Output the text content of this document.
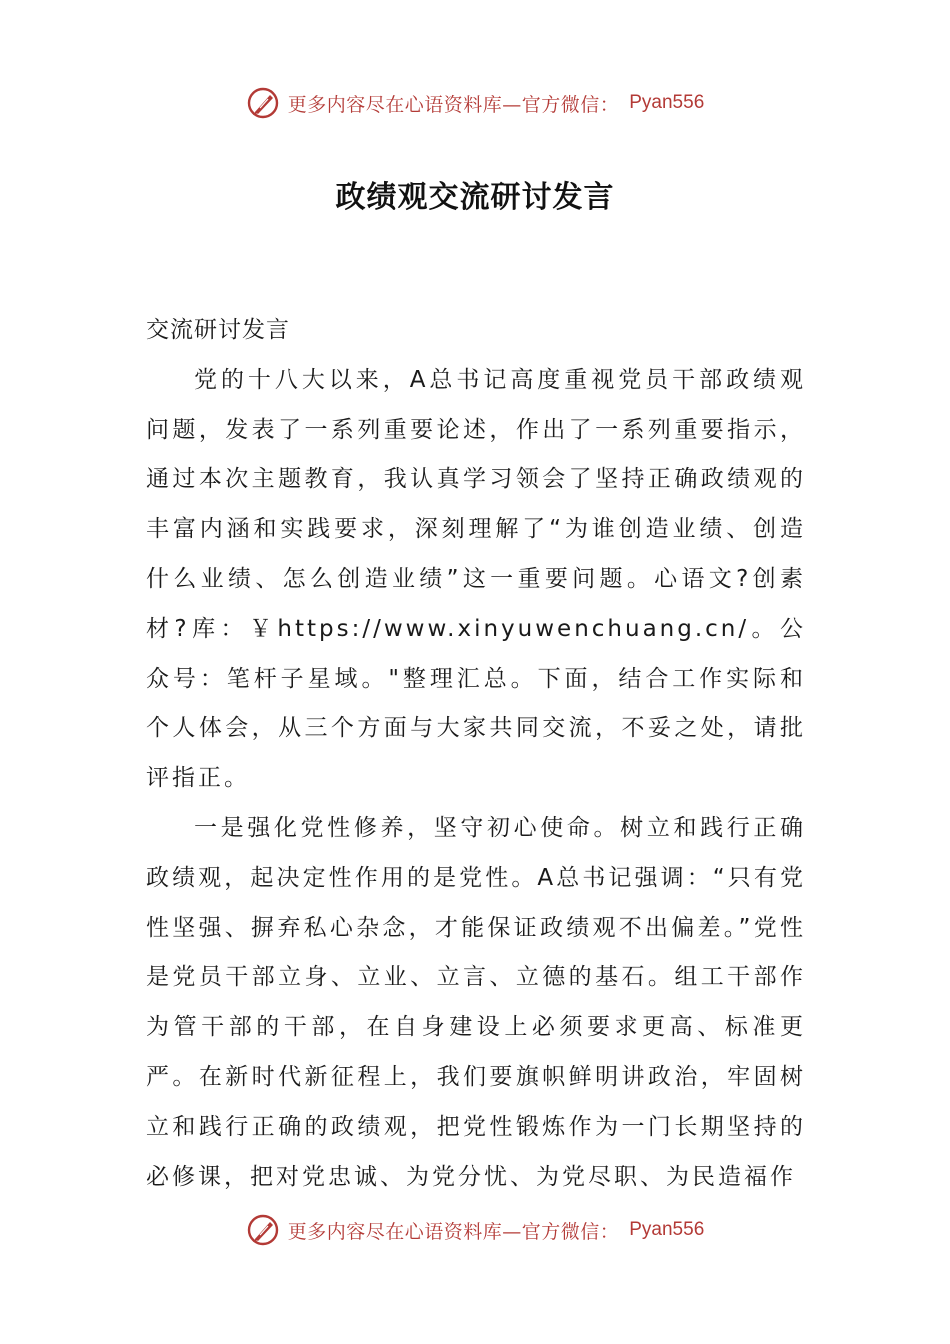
更多内容尽在心语资料库—官方微信： Pyan556
政绩观交流研讨发言

交流研讨发言

党的十八大以来，A总书记高度重视党员干部政绩观问题，发表了一系列重要论述，作出了一系列重要指示，通过本次主题教育，我认真学习领会了坚持正确政绩观的丰富内涵和实践要求，深刻理解了“为谁创造业绩、创造什么业绩、怎么创造业绩”这一重要问题。心语文?创素材?库：￥https://www.xinyuwenchuang.cn/。公众号：笔杆子星域。"整理汇总。下面，结合工作实际和个人体会，从三个方面与大家共同交流，不妥之处，请批评指正。

一是强化党性修养，坚守初心使命。树立和践行正确政绩观，起决定性作用的是党性。A总书记强调：“只有党性坚强、摒弃私心杂念，才能保证政绩观不出偏差。”党性是党员干部立身、立业、立言、立德的基石。组工干部作为管干部的干部，在自身建设上必须要求更高、标准更严。在新时代新征程上，我们要旗帜鲜明讲政治，牢固树立和践行正确的政绩观，把党性锻炼作为一门长期坚持的必修课，把对党忠诚、为党分忧、为党尽职、为民造福作

更多内容尽在心语资料库—官方微信： Pyan556
